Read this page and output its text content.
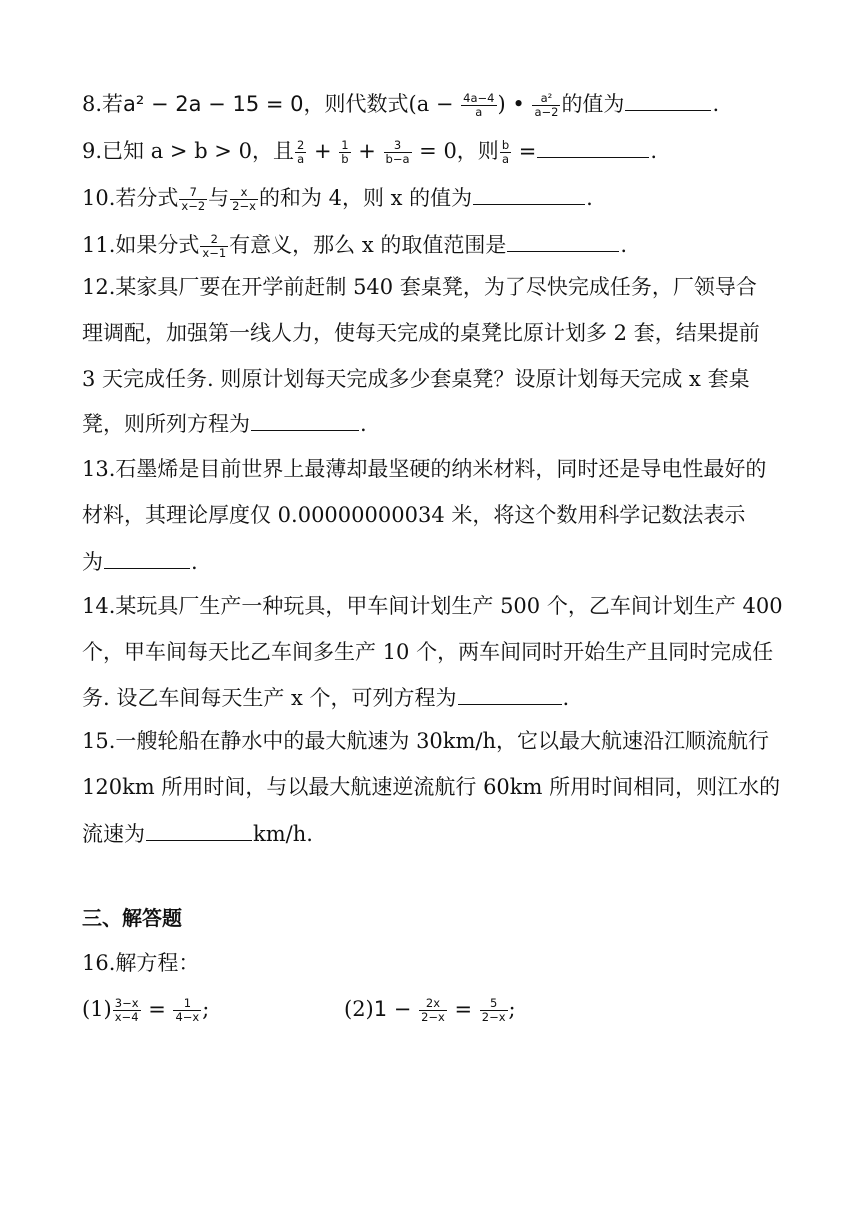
8.若a² − 2a − 15 = 0，则代数式($a - \frac{4a-4}{a}$ ) • $\frac{\text{a²}}{a-2}$ 的值为	.
9.已知 a > b > 0，且 $\frac{2}{a} + \frac{1}{b} + \frac{3}{b-a} = 0$，则 $\frac{b}{a}$ =	.
10.若分式 $\frac{7}{x-2}$ 与 $\frac{x}{2-x}$ 的和为 4，则 x 的值为	.
11.如果分式 $\frac{2}{x-1}$ 有意义，那么 x 的取值范围是	.
12.某家具厂要在开学前赶制 540 套桌凳，为了尽快完成任务，厂领导合
理调配，加强第一线人力，使每天完成的桌凳比原计划多 2 套，结果提前
3 天完成任务. 则原计划每天完成多少套桌凳？设原计划每天完成 x 套桌
凳，则所列方程为	.
13.石墨烯是目前世界上最薄却最坚硬的纳米材料，同时还是导电性最好的
材料，其理论厚度仅 0.00000000034 米，将这个数用科学记数法表示
为	.
14.某玩具厂生产一种玩具，甲车间计划生产 500 个，乙车间计划生产 400
个，甲车间每天比乙车间多生产 10 个，两车间同时开始生产且同时完成任
务. 设乙车间每天生产 x 个，可列方程为	.
15.一艘轮船在静水中的最大航速为 30km/h，它以最大航速沿江顺流航行
120km 所用时间，与以最大航速逆流航行 60km 所用时间相同，则江水的
流速为	km/h.
三、解答题
16.解方程：
$(1) \frac{3-x}{x-4} = \frac{1}{4-x}$ ;	$(2)1 - \frac{2x}{2-x} = \frac{5}{2-x}$ ;
